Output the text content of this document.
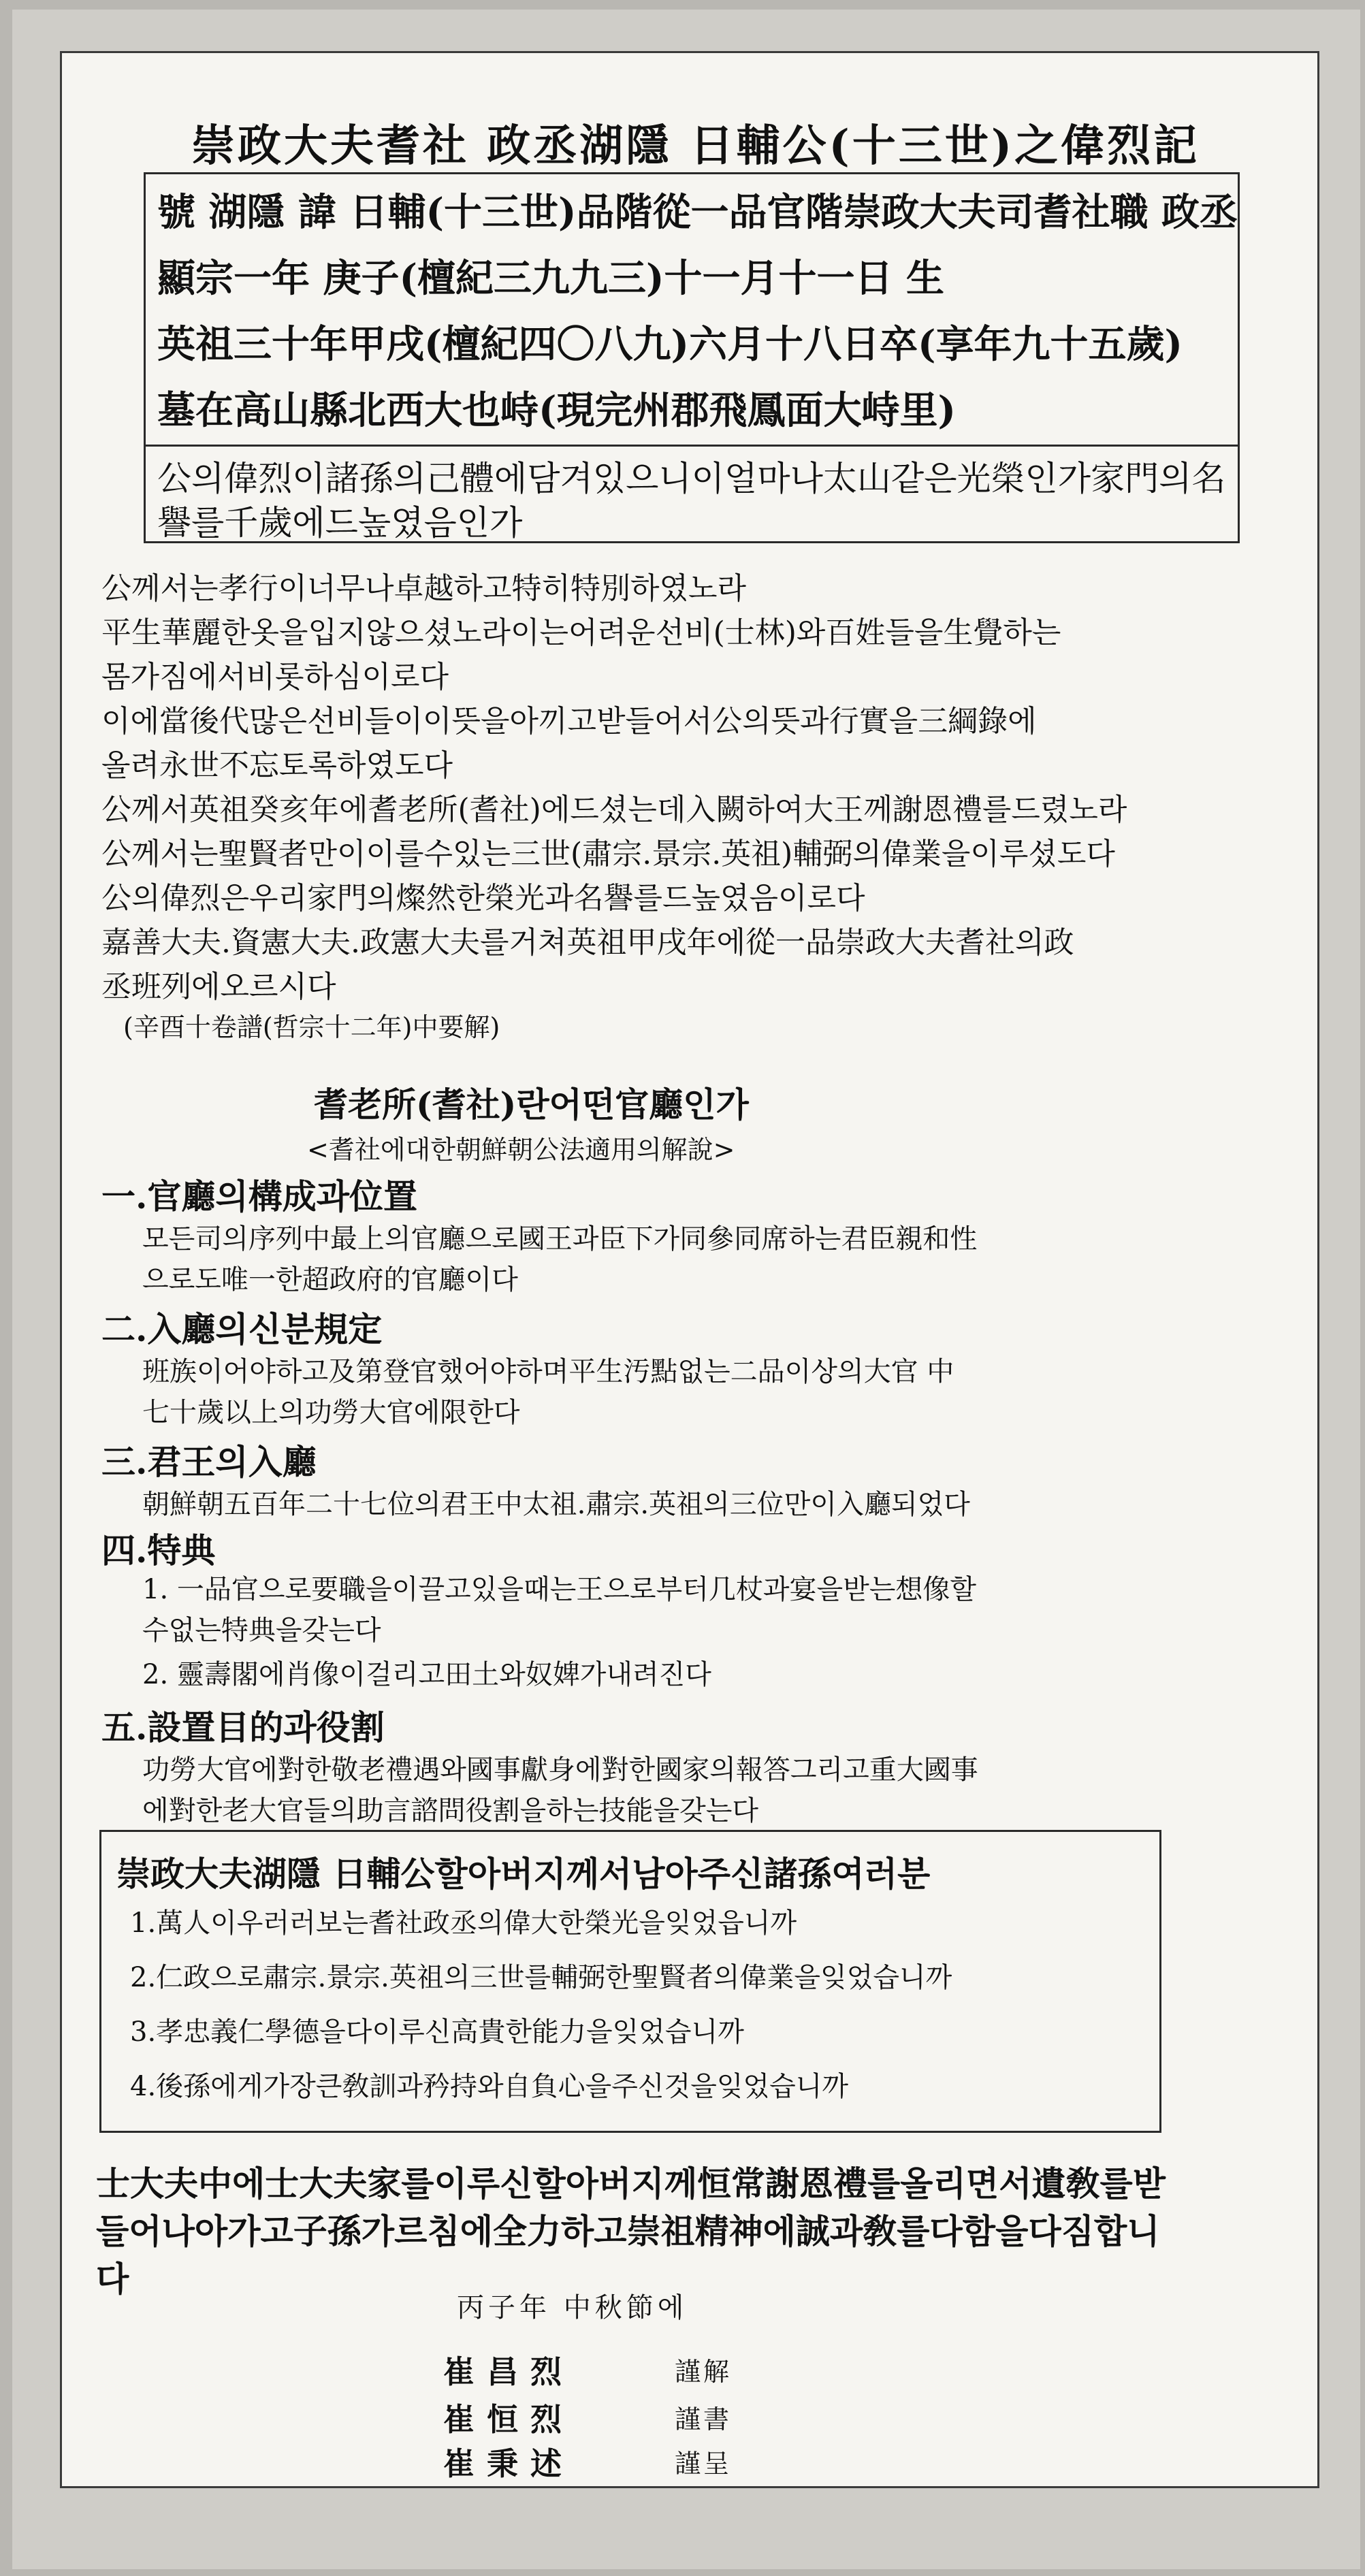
崇政大夫耆社 政丞湖隱 日輔公(十三世)之偉烈記
號 湖隱 諱 日輔(十三世)品階從一品官階崇政大夫司耆社職 政丞
顯宗一年 庚子(檀紀三九九三)十一月十一日 生
英祖三十年甲戌(檀紀四〇八九)六月十八日卒(享年九十五歲)
墓在高山縣北西大也峙(現完州郡飛鳳面大峙里)
公의偉烈이諸孫의己體에담겨있으니이얼마나太山같은光榮인가家門의名
譽를千歲에드높였음인가
公께서는孝行이너무나卓越하고特히特別하였노라
平生華麗한옷을입지않으셨노라이는어려운선비(士林)와百姓들을生覺하는
몸가짐에서비롯하심이로다
이에當後代많은선비들이이뜻을아끼고받들어서公의뜻과行實을三綱錄에
올려永世不忘토록하였도다
公께서英祖癸亥年에耆老所(耆社)에드셨는데入闕하여大王께謝恩禮를드렸노라
公께서는聖賢者만이이를수있는三世(肅宗.景宗.英祖)輔弼의偉業을이루셨도다
公의偉烈은우리家門의燦然한榮光과名譽를드높였음이로다
嘉善大夫.資憲大夫.政憲大夫를거쳐英祖甲戌年에從一品崇政大夫耆社의政
丞班列에오르시다
(辛酉十卷譜(哲宗十二年)中要解)
耆老所(耆社)란어떤官廳인가
<耆社에대한朝鮮朝公法適用의解說>
一.官廳의構成과位置
모든司의序列中最上의官廳으로國王과臣下가同參同席하는君臣親和性
으로도唯一한超政府的官廳이다
二.入廳의신분規定
班族이어야하고及第登官했어야하며平生汚點없는二品이상의大官 中
七十歲以上의功勞大官에限한다
三.君王의入廳
朝鮮朝五百年二十七位의君王中太祖.肅宗.英祖의三位만이入廳되었다
四.特典
1. 一品官으로要職을이끌고있을때는王으로부터几杖과宴을받는想像할
수없는特典을갖는다
2. 靈壽閣에肖像이걸리고田土와奴婢가내려진다
五.設置目的과役割
功勞大官에對한敬老禮遇와國事獻身에對한國家의報答그리고重大國事
에對한老大官들의助言諮問役割을하는技能을갖는다
崇政大夫湖隱 日輔公할아버지께서남아주신諸孫여러분
1.萬人이우러러보는耆社政丞의偉大한榮光을잊었읍니까
2.仁政으로肅宗.景宗.英祖의三世를輔弼한聖賢者의偉業을잊었습니까
3.孝忠義仁學德을다이루신高貴한能力을잊었습니까
4.後孫에게가장큰敎訓과矜持와自負心을주신것을잊었습니까
士大夫中에士大夫家를이루신할아버지께恒常謝恩禮를올리면서遺敎를받
들어나아가고子孫가르침에全力하고崇祖精神에誠과敎를다함을다짐합니
다
丙子年 中秋節에
崔昌烈	謹解
崔恒烈	謹書
崔秉述	謹呈
